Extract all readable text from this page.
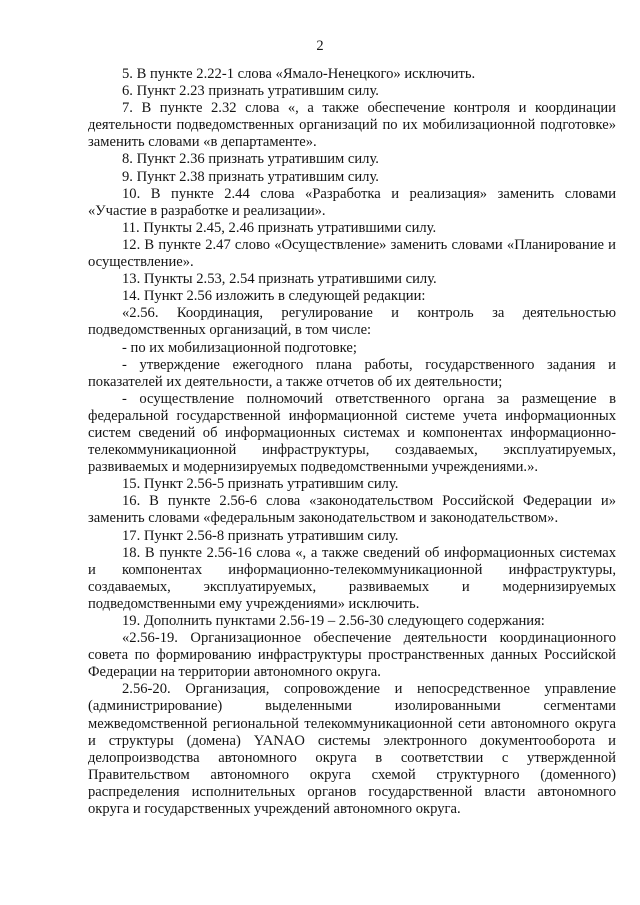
2

5. В пункте 2.22-1 слова «Ямало-Ненецкого» исключить.

6. Пункт 2.23 признать утратившим силу.

7. В пункте 2.32 слова «, а также обеспечение контроля и координации деятельности подведомственных организаций по их мобилизационной подготовке» заменить словами «в департаменте».

8. Пункт 2.36 признать утратившим силу.

9. Пункт 2.38 признать утратившим силу.

10. В пункте 2.44 слова «Разработка и реализация» заменить словами «Участие в разработке и реализации».

11. Пункты 2.45, 2.46 признать утратившими силу.

12. В пункте 2.47 слово «Осуществление» заменить словами «Планирование и осуществление».

13. Пункты 2.53, 2.54 признать утратившими силу.

14. Пункт 2.56 изложить в следующей редакции:

«2.56. Координация, регулирование и контроль за деятельностью подведомственных организаций, в том числе:

- по их мобилизационной подготовке;

- утверждение ежегодного плана работы, государственного задания и показателей их деятельности, а также отчетов об их деятельности;

- осуществление полномочий ответственного органа за размещение в федеральной государственной информационной системе учета информационных систем сведений об информационных системах и компонентах информационно-телекоммуникационной инфраструктуры, создаваемых, эксплуатируемых, развиваемых и модернизируемых подведомственными учреждениями.».

15. Пункт 2.56-5 признать утратившим силу.

16. В пункте 2.56-6 слова «законодательством Российской Федерации и» заменить словами «федеральным законодательством и законодательством».

17. Пункт 2.56-8 признать утратившим силу.

18. В пункте 2.56-16 слова «, а также сведений об информационных системах и компонентах информационно-телекоммуникационной инфраструктуры, создаваемых, эксплуатируемых, развиваемых и модернизируемых подведомственными ему учреждениями» исключить.

19. Дополнить пунктами 2.56-19 – 2.56-30 следующего содержания:

«2.56-19. Организационное обеспечение деятельности координационного совета по формированию инфраструктуры пространственных данных Российской Федерации на территории автономного округа.

2.56-20. Организация, сопровождение и непосредственное управление (администрирование) выделенными изолированными сегментами межведомственной региональной телекоммуникационной сети автономного округа и структуры (домена) YANAO системы электронного документооборота и делопроизводства автономного округа в соответствии с утвержденной Правительством автономного округа схемой структурного (доменного) распределения исполнительных органов государственной власти автономного округа и государственных учреждений автономного округа.
